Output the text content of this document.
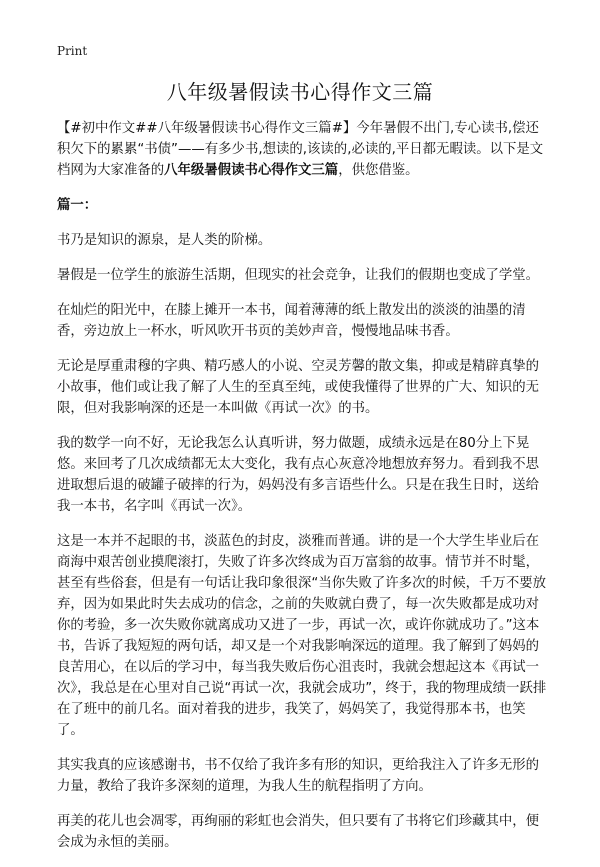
Print
八年级暑假读书心得作文三篇

【#初中作文##八年级暑假读书心得作文三篇#】今年暑假不出门,专心读书,偿还积欠下的累累“书债”——有多少书,想读的,该读的,必读的,平日都无暇读。以下是文档网为大家准备的八年级暑假读书心得作文三篇，供您借鉴。

篇一：

书乃是知识的源泉，是人类的阶梯。

暑假是一位学生的旅游生活期，但现实的社会竞争，让我们的假期也变成了学堂。

在灿烂的阳光中，在膝上摊开一本书，闻着薄薄的纸上散发出的淡淡的油墨的清香，旁边放上一杯水，听风吹开书页的美妙声音，慢慢地品味书香。

无论是厚重肃穆的字典、精巧感人的小说、空灵芳馨的散文集，抑或是精辟真挚的小故事，他们或让我了解了人生的至真至纯，或使我懂得了世界的广大、知识的无限，但对我影响深的还是一本叫做《再试一次》的书。

我的数学一向不好，无论我怎么认真听讲，努力做题，成绩永远是在80分上下晃悠。来回考了几次成绩都无太大变化，我有点心灰意冷地想放弃努力。看到我不思进取想后退的破罐子破摔的行为，妈妈没有多言语些什么。只是在我生日时，送给我一本书，名字叫《再试一次》。

这是一本并不起眼的书，淡蓝色的封皮，淡雅而普通。讲的是一个大学生毕业后在商海中艰苦创业摸爬滚打，失败了许多次终成为百万富翁的故事。情节并不时髦，甚至有些俗套，但是有一句话让我印象很深“当你失败了许多次的时候，千万不要放弃，因为如果此时失去成功的信念，之前的失败就白费了，每一次失败都是成功对你的考验，多一次失败你就离成功又进了一步，再试一次，或许你就成功了。”这本书，告诉了我短短的两句话，却又是一个对我影响深远的道理。我了解到了妈妈的良苦用心，在以后的学习中，每当我失败后伤心沮丧时，我就会想起这本《再试一次》，我总是在心里对自己说“再试一次，我就会成功”，终于，我的物理成绩一跃排在了班中的前几名。面对着我的进步，我笑了，妈妈笑了，我觉得那本书，也笑了。

其实我真的应该感谢书，书不仅给了我许多有形的知识，更给我注入了许多无形的力量，教给了我许多深刻的道理，为我人生的航程指明了方向。

再美的花儿也会凋零，再绚丽的彩虹也会消失，但只要有了书将它们珍藏其中，便会成为永恒的美丽。
